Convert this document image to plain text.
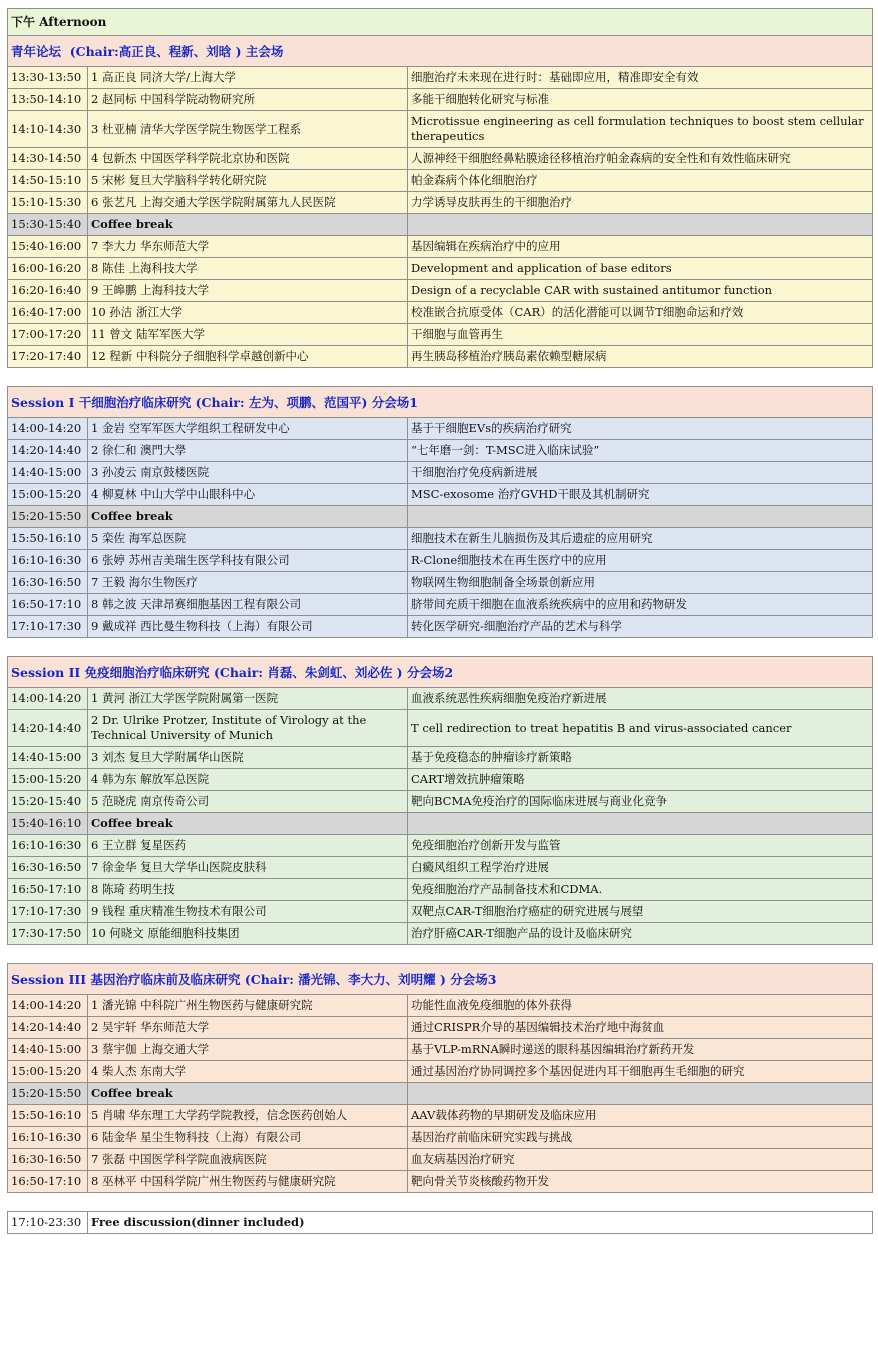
下午 Afternoon		
青年论坛 (Chair:高正良、程新、刘晗 ) 主会场		
13:30-13:50	1 高正良 同济大学/上海大学	细胞治疗未来现在进行时：基础即应用，精准即安全有效
13:50-14:10	2 赵同标 中国科学院动物研究所	多能干细胞转化研究与标准
14:10-14:30	3 杜亚楠 清华大学医学院生物医学工程系	Microtissue engineering as cell formulation techniques to boost stem cellular therapeutics
14:30-14:50	4 包新杰 中国医学科学院北京协和医院	人源神经干细胞经鼻粘膜途径移植治疗帕金森病的安全性和有效性临床研究
14:50-15:10	5 宋彬 复旦大学脑科学转化研究院	帕金森病个体化细胞治疗
15:10-15:30	6 张艺凡 上海交通大学医学院附属第九人民医院	力学诱导皮肤再生的干细胞治疗
15:30-15:40	Coffee break	
15:40-16:00	7 李大力 华东师范大学	基因编辑在疾病治疗中的应用
16:00-16:20	8 陈佳 上海科技大学	Development and application of base editors
16:20-16:40	9 王皞鹏 上海科技大学	Design of a recyclable CAR with sustained antitumor function
16:40-17:00	10 孙洁 浙江大学	校准嵌合抗原受体（CAR）的活化潜能可以调节T细胞命运和疗效
17:00-17:20	11 曾文 陆军军医大学	干细胞与血管再生
17:20-17:40	12 程新 中科院分子细胞科学卓越创新中心	再生胰岛移植治疗胰岛素依赖型糖尿病
Session I 干细胞治疗临床研究 (Chair: 左为、项鹏、范国平) 分会场1		
14:00-14:20	1 金岩 空军军医大学组织工程研发中心	基于干细胞EVs的疾病治疗研究
14:20-14:40	2 徐仁和 澳門大學	“七年磨一剑：T-MSC进入临床试验”
14:40-15:00	3 孙凌云 南京鼓楼医院	干细胞治疗免疫病新进展
15:00-15:20	4 柳夏林 中山大学中山眼科中心	MSC-exosome 治疗GVHD干眼及其机制研究
15:20-15:50	Coffee break	
15:50-16:10	5 栾佐 海军总医院	细胞技术在新生儿脑损伤及其后遗症的应用研究
16:10-16:30	6 张婷 苏州吉美瑞生医学科技有限公司	R-Clone细胞技术在再生医疗中的应用
16:30-16:50	7 王毅 海尔生物医疗	物联网生物细胞制备全场景创新应用
16:50-17:10	8 韩之波 天津昂赛细胞基因工程有限公司	脐带间充质干细胞在血液系统疾病中的应用和药物研发
17:10-17:30	9 戴成祥 西比曼生物科技（上海）有限公司	转化医学研究-细胞治疗产品的艺术与科学
Session II 免疫细胞治疗临床研究 (Chair: 肖磊、朱剑虹、刘必佐 ) 分会场2		
14:00-14:20	1 黄河 浙江大学医学院附属第一医院	血液系统恶性疾病细胞免疫治疗新进展
14:20-14:40	2 Dr. Ulrike Protzer, Institute of Virology at the Technical University of Munich	T cell redirection to treat hepatitis B and virus-associated cancer
14:40-15:00	3 刘杰 复旦大学附属华山医院	基于免疫稳态的肿瘤诊疗新策略
15:00-15:20	4 韩为东 解放军总医院	CART增效抗肿瘤策略
15:20-15:40	5 范晓虎 南京传奇公司	靶向BCMA免疫治疗的国际临床进展与商业化竞争
15:40-16:10	Coffee break	
16:10-16:30	6 王立群 复星医药	免疫细胞治疗创新开发与监管
16:30-16:50	7 徐金华 复旦大学华山医院皮肤科	白癜风组织工程学治疗进展
16:50-17:10	8 陈琦 药明生技	免疫细胞治疗产品制备技术和CDMA.
17:10-17:30	9 钱程 重庆精准生物技术有限公司	双靶点CAR-T细胞治疗癌症的研究进展与展望
17:30-17:50	10 何晓文 原能细胞科技集团	治疗肝癌CAR-T细胞产品的设计及临床研究
Session III 基因治疗临床前及临床研究 (Chair: 潘光锦、李大力、刘明耀 ) 分会场3		
14:00-14:20	1 潘光锦 中科院广州生物医药与健康研究院	功能性血液免疫细胞的体外获得
14:20-14:40	2 吴宇轩 华东师范大学	通过CRISPR介导的基因编辑技术治疗地中海贫血
14:40-15:00	3 蔡宇伽 上海交通大学	基于VLP-mRNA瞬时递送的眼科基因编辑治疗新药开发
15:00-15:20	4 柴人杰 东南大学	通过基因治疗协同调控多个基因促进内耳干细胞再生毛细胞的研究
15:20-15:50	Coffee break	
15:50-16:10	5 肖啸 华东理工大学药学院教授，信念医药创始人	AAV载体药物的早期研发及临床应用
16:10-16:30	6 陆金华 星尘生物科技（上海）有限公司	基因治疗前临床研究实践与挑战
16:30-16:50	7 张磊 中国医学科学院血液病医院	血友病基因治疗研究
16:50-17:10	8 巫林平 中国科学院广州生物医药与健康研究院	靶向骨关节炎核酸药物开发
17:10-23:30	Free discussion(dinner included)
